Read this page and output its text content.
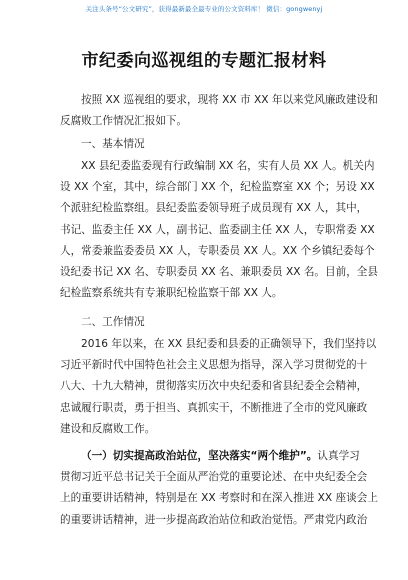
关注头条号“公文研究”，获得最新最全最专业的公文资料库！ 微信：gongwenyj
市纪委向巡视组的专题汇报材料
按照 XX 巡视组的要求，现将 XX 市 XX 年以来党风廉政建设和
反腐败工作情况汇报如下。
一、基本情况
XX 县纪委监委现有行政编制 XX 名，实有人员 XX 人。机关内
设 XX 个室，其中，综合部门 XX 个，纪检监察室 XX 个；另设 XX
个派驻纪检监察组。县纪委监委领导班子成员现有 XX 人，其中，
书记、监委主任 XX 人，副书记、监委副主任 XX 人，专职常委 XX
人，常委兼监委委员 XX 人，专职委员 XX 人。XX 个乡镇纪委每个
设纪委书记 XX 名、专职委员 XX 名、兼职委员 XX 名。目前，全县
纪检监察系统共有专兼职纪检监察干部 XX 人。
二、工作情况
2016 年以来，在 XX 县纪委和县委的正确领导下，我们坚持以
习近平新时代中国特色社会主义思想为指导，深入学习贯彻党的十
八大、十九大精神，贯彻落实历次中央纪委和省县纪委全会精神，
忠诚履行职责，勇于担当、真抓实干，不断推进了全市的党风廉政
建设和反腐败工作。
（一）切实提高政治站位，坚决落实“两个维护”。认真学习
贯彻习近平总书记关于全面从严治党的重要论述、在中央纪委全会
上的重要讲话精神，特别是在 XX 考察时和在深入推进 XX 座谈会上
的重要讲话精神，进一步提高政治站位和政治觉悟。严肃党内政治
